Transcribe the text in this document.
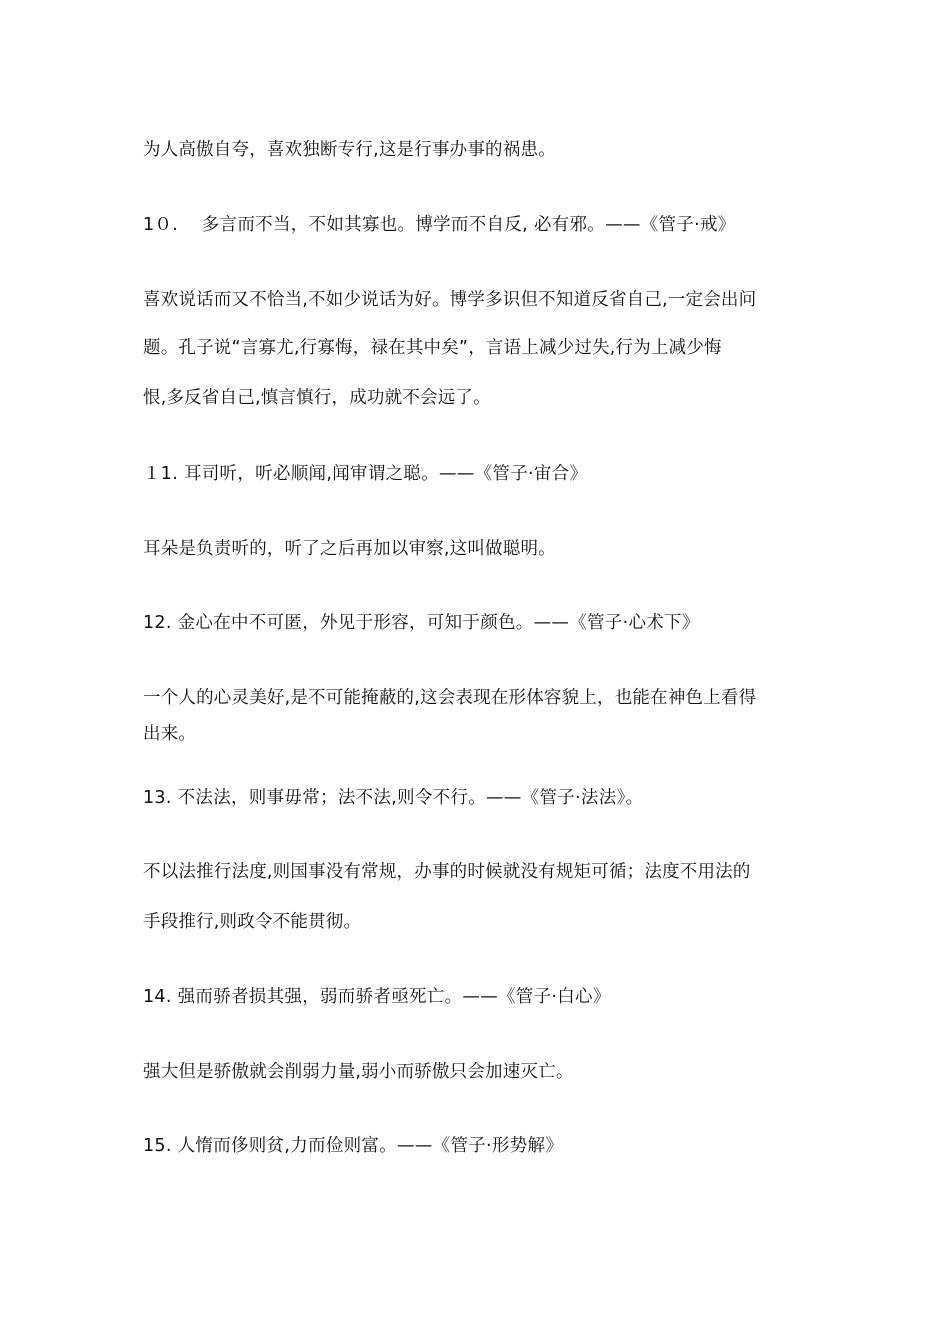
为人高傲自夸，喜欢独断专行,这是行事办事的祸患。
1０.　 多言而不当，不如其寡也。博学而不自反, 必有邪。——《管子·戒》
喜欢说话而又不恰当,不如少说话为好。博学多识但不知道反省自己,一定会出问
题。孔子说“言寡尤,行寡悔，禄在其中矣”，言语上减少过失,行为上减少悔
恨,多反省自己,慎言慎行，成功就不会远了。
１1. 耳司听，听必顺闻,闻审谓之聪。——《管子·宙合》
耳朵是负责听的，听了之后再加以审察,这叫做聪明。
12. 金心在中不可匿，外见于形容，可知于颜色。——《管子·心术下》
一个人的心灵美好,是不可能掩蔽的,这会表现在形体容貌上，也能在神色上看得
出来。
13. 不法法，则事毋常；法不法,则令不行。——《管子·法法》。
不以法推行法度,则国事没有常规，办事的时候就没有规矩可循；法度不用法的
手段推行,则政令不能贯彻。
14. 强而骄者损其强，弱而骄者亟死亡。——《管子·白心》
强大但是骄傲就会削弱力量,弱小而骄傲只会加速灭亡。
15. 人惰而侈则贫,力而俭则富。——《管子·形势解》
